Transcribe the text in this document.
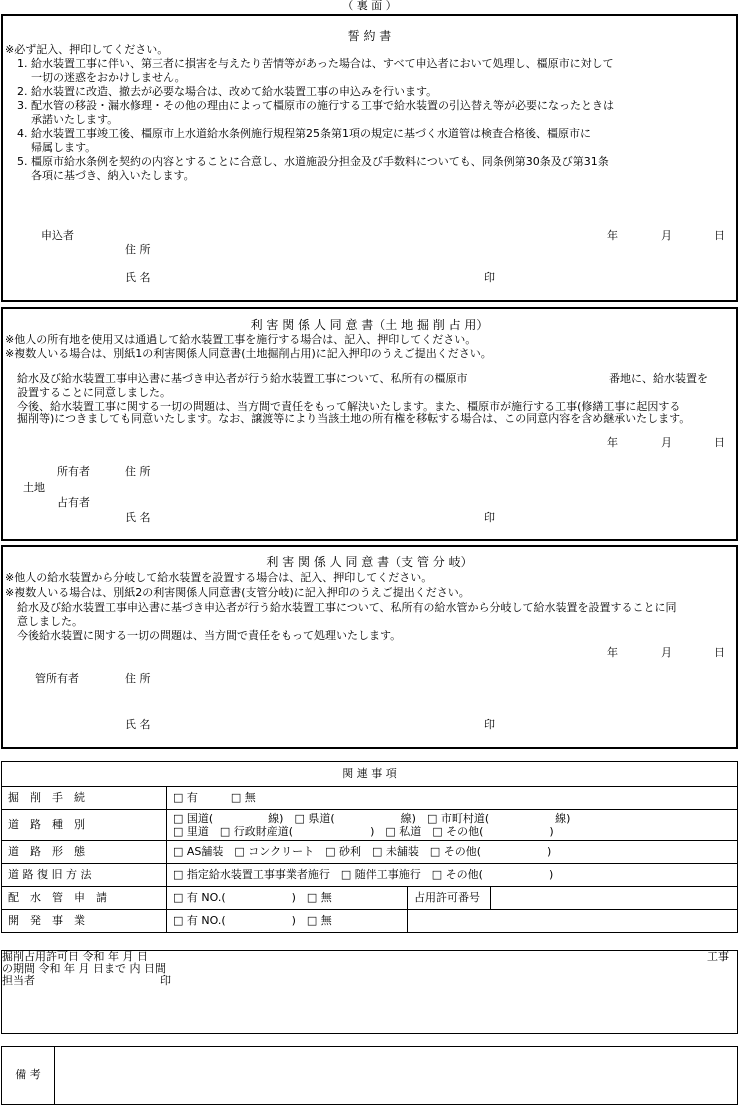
（ 裏 面 ）
誓 約 書
※必ず記入、押印してください。
1. 給水装置工事に伴い、第三者に損害を与えたり苦情等があった場合は、すべて申込者において処理し、橿原市に対して
一切の迷惑をおかけしません。
2. 給水装置に改造、撤去が必要な場合は、改めて給水装置工事の申込みを行います。
3. 配水管の移設・漏水修理・その他の理由によって橿原市の施行する工事で給水装置の引込替え等が必要になったときは
承諾いたします。
4. 給水装置工事竣工後、橿原市上水道給水条例施行規程第25条第1項の規定に基づく水道管は検査合格後、橿原市に
帰属します。
5. 橿原市給水条例を契約の内容とすることに合意し、水道施設分担金及び手数料についても、同条例第30条及び第31条
各項に基づき、納入いたします。
申込者	年	月	日
住 所
氏 名	印
利 害 関 係 人 同 意 書（土 地 掘 削 占 用）
※他人の所有地を使用又は通過して給水装置工事を施行する場合は、記入、押印してください。
※複数人いる場合は、別紙1の利害関係人同意書(土地掘削占用)に記入押印のうえご提出ください。
給水及び給水装置工事申込書に基づき申込者が行う給水装置工事について、私所有の橿原市	番地に、給水装置を
設置することに同意しました。
今後、給水装置工事に関する一切の問題は、当方間で責任をもって解決いたします。また、橿原市が施行する工事(修繕工事に起因する
掘削等)につきましても同意いたします。なお、譲渡等により当該土地の所有権を移転する場合は、この同意内容を含め継承いたします。
年	月	日
所有者	住 所
土地
占有者
氏 名	印
利 害 関 係 人 同 意 書（支 管 分 岐）
※他人の給水装置から分岐して給水装置を設置する場合は、記入、押印してください。
※複数人いる場合は、別紙2の利害関係人同意書(支管分岐)に記入押印のうえご提出ください。
給水及び給水装置工事申込書に基づき申込者が行う給水装置工事について、私所有の給水管から分岐して給水装置を設置することに同
意しました。
今後給水装置に関する一切の問題は、当方間で責任をもって処理いたします。
年	月	日
管所有者	住 所
氏 名	印
関 連 事 項			
掘　削　手　続	□ 有　　　□ 無		
道　路　種　別	□ 国道(　　　　　線)　□ 県道(　　　　　　線)　□ 市町村道(　　　　　　線)
□ 里道　□ 行政財産道(　　　　　　　)　□ 私道　□ その他(　　　　　　)		

道　路　形　態	□ AS舗装　□ コンクリート　□ 砂利　□ 未舗装　□ その他(　　　　　　)		
道 路 復 旧 方 法	□ 指定給水装置工事事業者施行　□ 随伴工事施行　□ その他(　　　　　　)		
配　水　管　申　請	□ 有 NO.(　　　　　　)　□ 無	占用許可番号	
開　発　事　業	□ 有 NO.(　　　　　　)　□ 無		
掘削占用許可日 令和 年 月 日	工事
の期間 令和 年 月 日まで 内 日間
担当者	印
備 考
